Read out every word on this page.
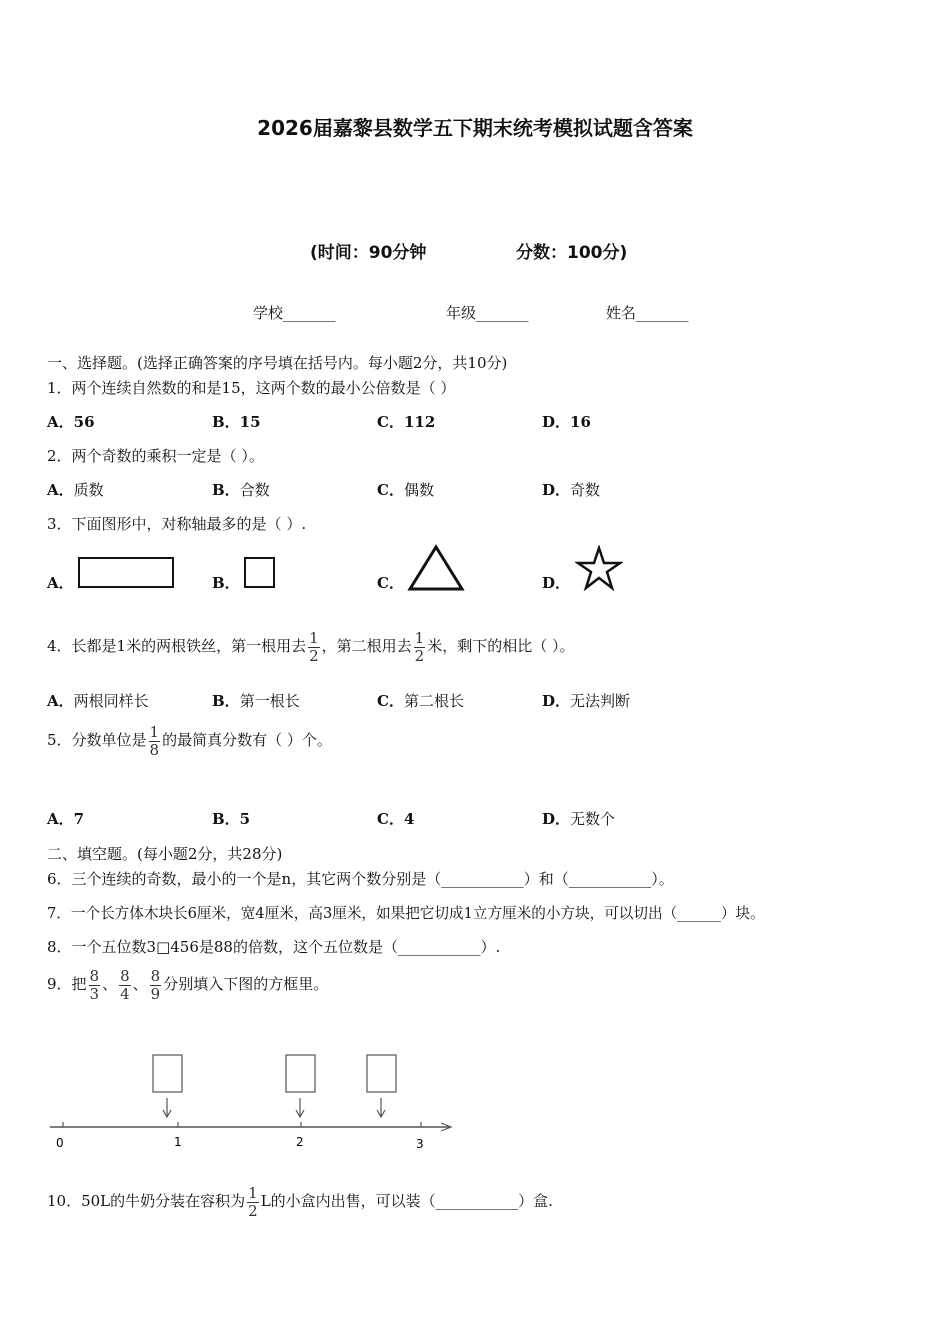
2026届嘉黎县数学五下期末统考模拟试题含答案
(时间：90分钟	分数：100分)
学校_______	年级_______	姓名_______
一、选择题。(选择正确答案的序号填在括号内。每小题2分，共10分)
1．两个连续自然数的和是15，这两个数的最小公倍数是（ ）
A．56	B．15	C．112	D．16
2．两个奇数的乘积一定是（ ）。
A．质数	B．合数	C．偶数	D．奇数
3．下面图形中，对称轴最多的是（ ）.
A．	B．	C．	D．
4．长都是1米的两根铁丝，第一根用去 $\frac{1}{2}$ ，第二根用去 $\frac{1}{2}$ 米，剩下的相比（ ）。
A．两根同样长	B．第一根长	C．第二根长	D．无法判断
5．分数单位是 $\frac{1}{8}$ 的最简真分数有（ ）个。
A．7	B．5	C．4	D．无数个
二、填空题。(每小题2分，共28分)
6．三个连续的奇数，最小的一个是n，其它两个数分别是（___________）和（___________）。
7．一个长方体木块长6厘米，宽4厘米，高3厘米，如果把它切成1立方厘米的小方块，可以切出（______）块。
8．一个五位数3□456是88的倍数，这个五位数是（___________）.
9．把 $\frac{8}{3}$ 、 $\frac{8}{4}$ 、 $\frac{8}{9}$ 分别填入下图的方框里。
0	1	2	3
10．50L的牛奶分装在容积为 $\frac{1}{2}$ L的小盒内出售，可以装（___________）盒.
